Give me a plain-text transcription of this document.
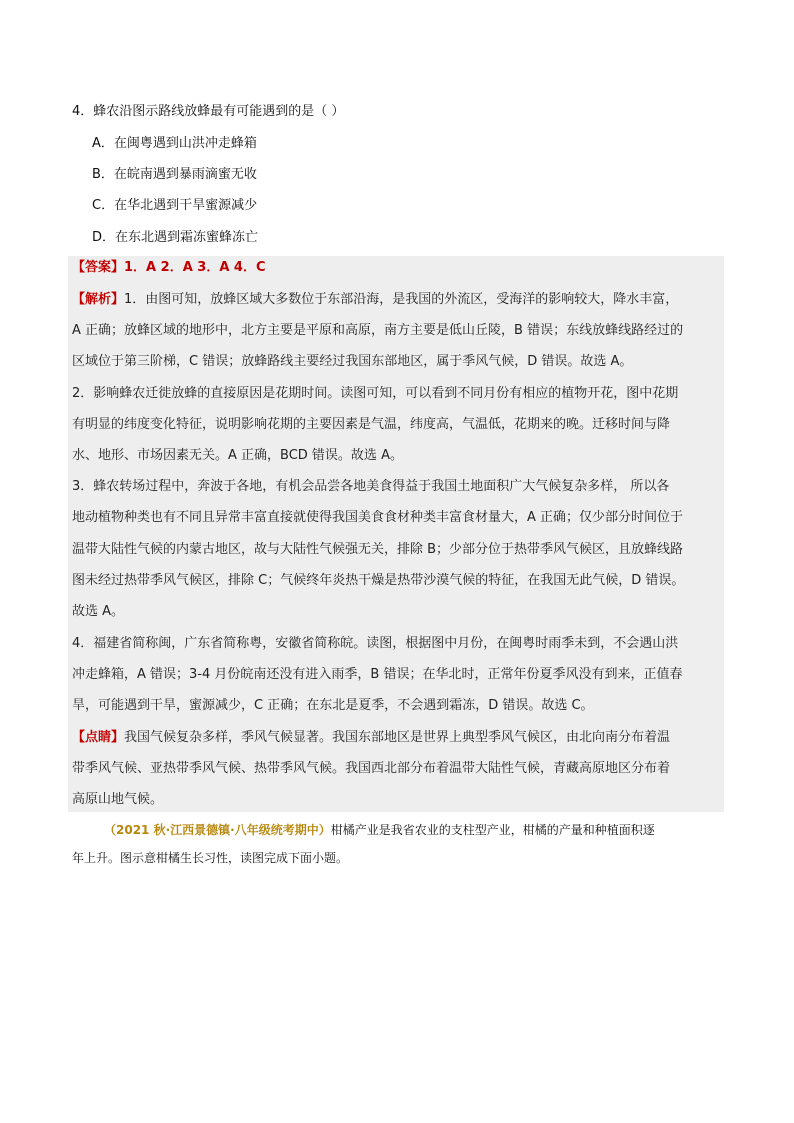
4．蜂农沿图示路线放蜂最有可能遇到的是（ ）
A．在闽粤遇到山洪冲走蜂箱
B．在皖南遇到暴雨滴蜜无收
C．在华北遇到干旱蜜源减少
D．在东北遇到霜冻蜜蜂冻亡
【答案】1．A 2．A 3．A 4．C
【解析】1．由图可知，放蜂区域大多数位于东部沿海，是我国的外流区，受海洋的影响较大，降水丰富，
A 正确；放蜂区域的地形中，北方主要是平原和高原，南方主要是低山丘陵，B 错误；东线放蜂线路经过的
区域位于第三阶梯，C 错误；放蜂路线主要经过我国东部地区，属于季风气候，D 错误。故选 A。
2．影响蜂农迁徙放蜂的直接原因是花期时间。读图可知，可以看到不同月份有相应的植物开花，图中花期
有明显的纬度变化特征，说明影响花期的主要因素是气温，纬度高，气温低，花期来的晚。迁移时间与降
水、地形、市场因素无关。A 正确，BCD 错误。故选 A。
3．蜂农转场过程中，奔波于各地，有机会品尝各地美食得益于我国土地面积广大气候复杂多样， 所以各
地动植物种类也有不同且异常丰富直接就使得我国美食食材种类丰富食材量大，A 正确；仅少部分时间位于
温带大陆性气候的内蒙古地区，故与大陆性气候强无关，排除 B；少部分位于热带季风气候区，且放蜂线路
图未经过热带季风气候区，排除 C；气候终年炎热干燥是热带沙漠气候的特征，在我国无此气候，D 错误。
故选 A。
4．福建省简称闽，广东省简称粤，安徽省简称皖。读图，根据图中月份，在闽粤时雨季未到，不会遇山洪
冲走蜂箱，A 错误；3-4 月份皖南还没有进入雨季，B 错误；在华北时，正常年份夏季风没有到来，正值春
旱，可能遇到干旱，蜜源减少，C 正确；在东北是夏季，不会遇到霜冻，D 错误。故选 C。
【点睛】我国气候复杂多样，季风气候显著。我国东部地区是世界上典型季风气候区，由北向南分布着温
带季风气候、亚热带季风气候、热带季风气候。我国西北部分布着温带大陆性气候，青藏高原地区分布着
高原山地气候。
（2021 秋·江西景德镇·八年级统考期中）柑橘产业是我省农业的支柱型产业，柑橘的产量和种植面积逐
年上升。图示意柑橘生长习性，读图完成下面小题。
